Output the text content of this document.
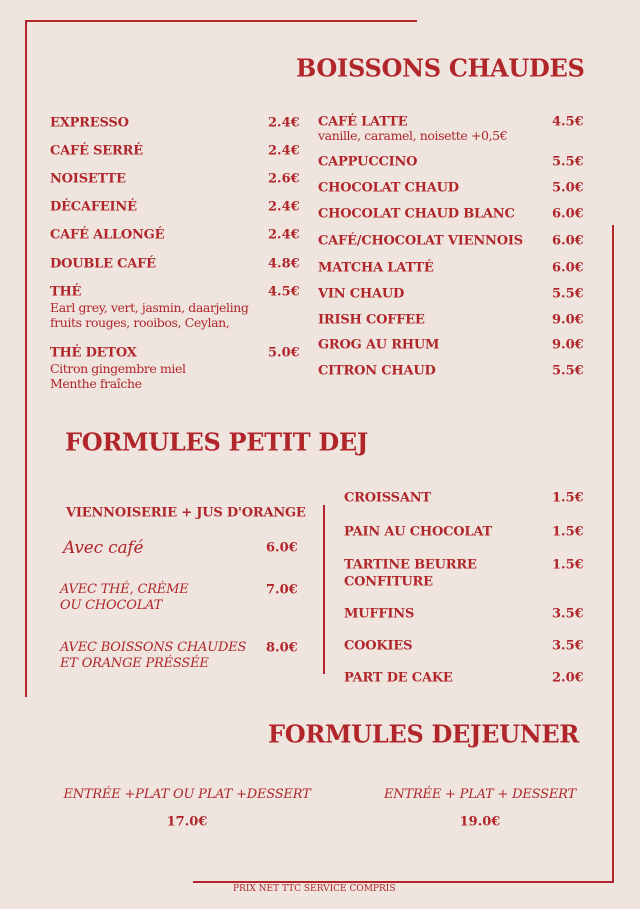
BOISSONS CHAUDES
FORMULES PETIT DEJ
VIENNOISERIE + JUS D'ORANGE
FORMULES DEJEUNER
PRIX NET TTC SERVICE COMPRIS
EXPRESSO	2.4€
CAFÉ SERRÉ	2.4€
NOISETTE	2.6€
DÉCAFEINÉ	2.4€
CAFÉ ALLONGÉ	2.4€
DOUBLE CAFÉ	4.8€
THÉ	4.5€
Earl grey, vert, jasmin, daarjeling
fruits rouges, rooibos, Ceylan,
THÉ DETOX	5.0€
Citron gingembre miel
Menthe fraîche
CAFÉ LATTE	4.5€
vanille, caramel, noisette +0,5€
CAPPUCCINO	5.5€
CHOCOLAT CHAUD	5.0€
CHOCOLAT CHAUD BLANC	6.0€
CAFÉ/CHOCOLAT VIENNOIS 6.0€
MATCHA LATTÉ	6.0€
VIN CHAUD	5.5€
IRISH COFFEE	9.0€
GROG AU RHUM	9.0€
CITRON CHAUD	5.5€
Avec café	6.0€
AVEC THÉ, CRÈME
OU CHOCOLAT
7.0€
AVEC BOISSONS CHAUDES
ET ORANGE PRÉSSÉE
8.0€
CROISSANT	1.5€
PAIN AU CHOCOLAT	1.5€
TARTINE BEURRE
CONFITURE
1.5€
MUFFINS	3.5€
COOKIES	3.5€
PART DE CAKE	2.0€
ENTRÉE +PLAT OU PLAT +DESSERT
17.0€
ENTRÉE + PLAT + DESSERT
19.0€
